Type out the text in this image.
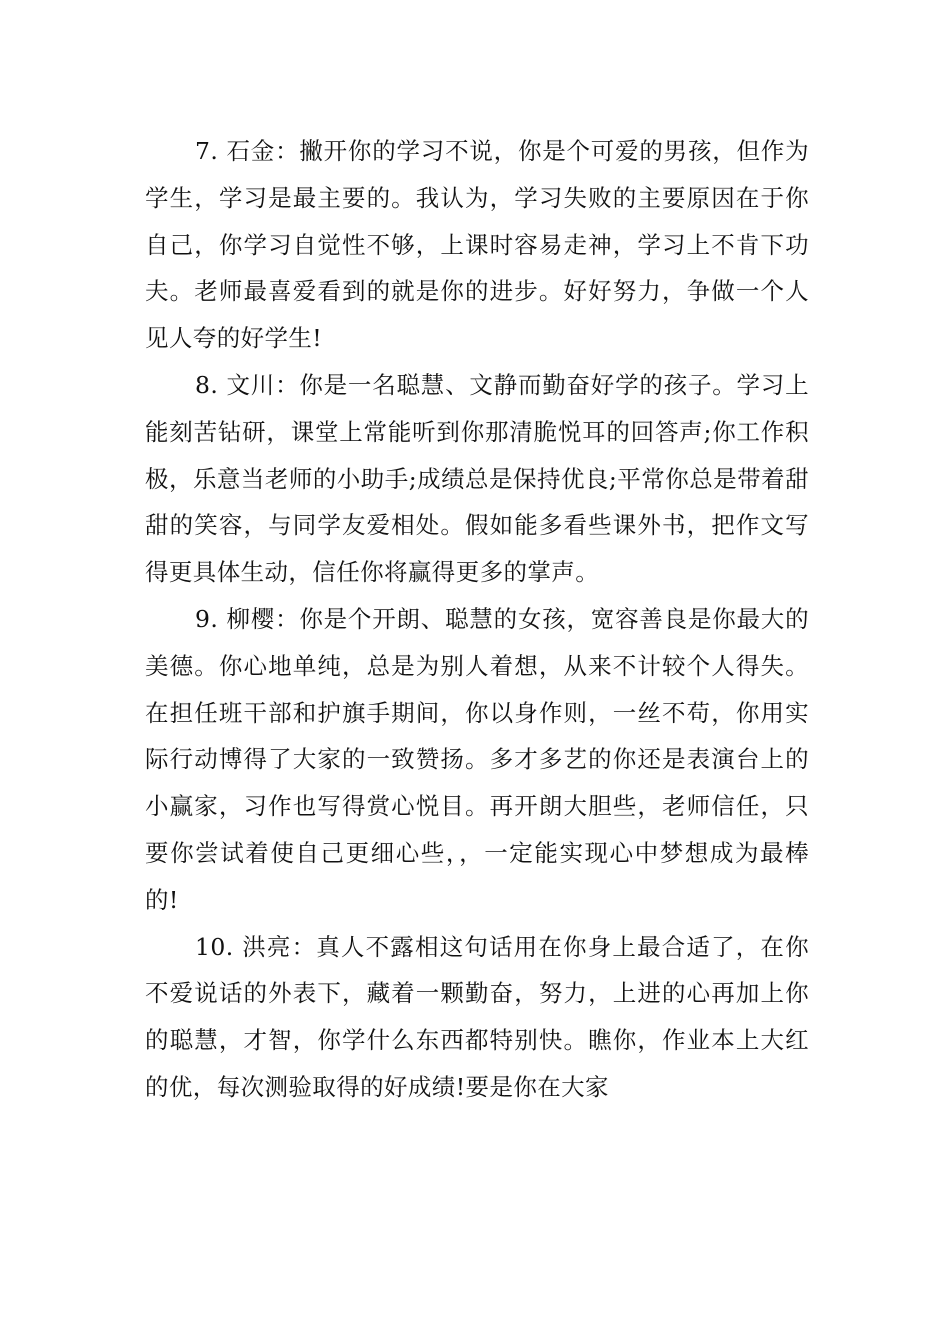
7. 石金：撇开你的学习不说，你是个可爱的男孩，但作为学生，学习是最主要的。我认为，学习失败的主要原因在于你自己，你学习自觉性不够，上课时容易走神，学习上不肯下功夫。老师最喜爱看到的就是你的进步。好好努力，争做一个人见人夸的好学生!

8. 文川：你是一名聪慧、文静而勤奋好学的孩子。学习上能刻苦钻研，课堂上常能听到你那清脆悦耳的回答声;你工作积极，乐意当老师的小助手;成绩总是保持优良;平常你总是带着甜甜的笑容，与同学友爱相处。假如能多看些课外书，把作文写得更具体生动，信任你将赢得更多的掌声。

9. 柳樱：你是个开朗、聪慧的女孩，宽容善良是你最大的美德。你心地单纯，总是为别人着想，从来不计较个人得失。在担任班干部和护旗手期间，你以身作则，一丝不苟，你用实际行动博得了大家的一致赞扬。多才多艺的你还是表演台上的小赢家，习作也写得赏心悦目。再开朗大胆些，老师信任，只要你尝试着使自己更细心些，，一定能实现心中梦想成为最棒的!

10. 洪亮：真人不露相这句话用在你身上最合适了，在你不爱说话的外表下，藏着一颗勤奋，努力，上进的心再加上你的聪慧，才智，你学什么东西都特别快。瞧你，作业本上大红的优，每次测验取得的好成绩!要是你在大家
